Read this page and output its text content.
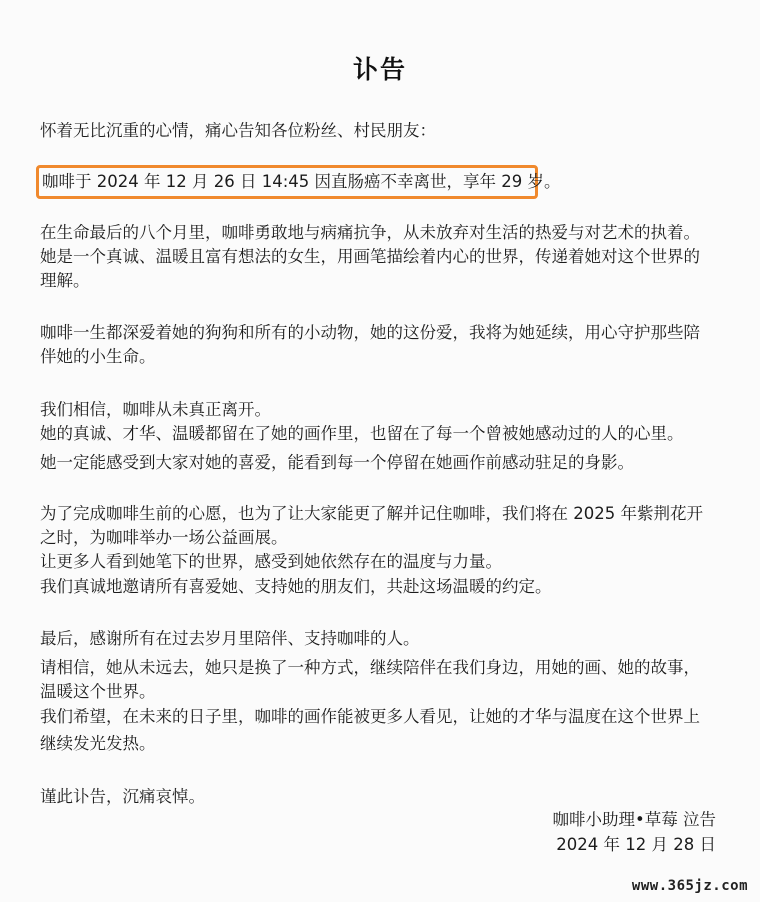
讣告
怀着无比沉重的心情，痛心告知各位粉丝、村民朋友：
咖啡于 2024 年 12 月 26 日 14:45 因直肠癌不幸离世，享年 29 岁。
在生命最后的八个月里，咖啡勇敢地与病痛抗争，从未放弃对生活的热爱与对艺术的执着。
她是一个真诚、温暖且富有想法的女生，用画笔描绘着内心的世界，传递着她对这个世界的
理解。
咖啡一生都深爱着她的狗狗和所有的小动物，她的这份爱，我将为她延续，用心守护那些陪
伴她的小生命。
我们相信，咖啡从未真正离开。
她的真诚、才华、温暖都留在了她的画作里，也留在了每一个曾被她感动过的人的心里。
她一定能感受到大家对她的喜爱，能看到每一个停留在她画作前感动驻足的身影。
为了完成咖啡生前的心愿，也为了让大家能更了解并记住咖啡，我们将在 2025 年紫荆花开
之时，为咖啡举办一场公益画展。
让更多人看到她笔下的世界，感受到她依然存在的温度与力量。
我们真诚地邀请所有喜爱她、支持她的朋友们，共赴这场温暖的约定。
最后，感谢所有在过去岁月里陪伴、支持咖啡的人。
请相信，她从未远去，她只是换了一种方式，继续陪伴在我们身边，用她的画、她的故事，
温暖这个世界。
我们希望，在未来的日子里，咖啡的画作能被更多人看见，让她的才华与温度在这个世界上
继续发光发热。
谨此讣告，沉痛哀悼。
咖啡小助理•草莓 泣告
2024 年 12 月 28 日
www.365jz.com
